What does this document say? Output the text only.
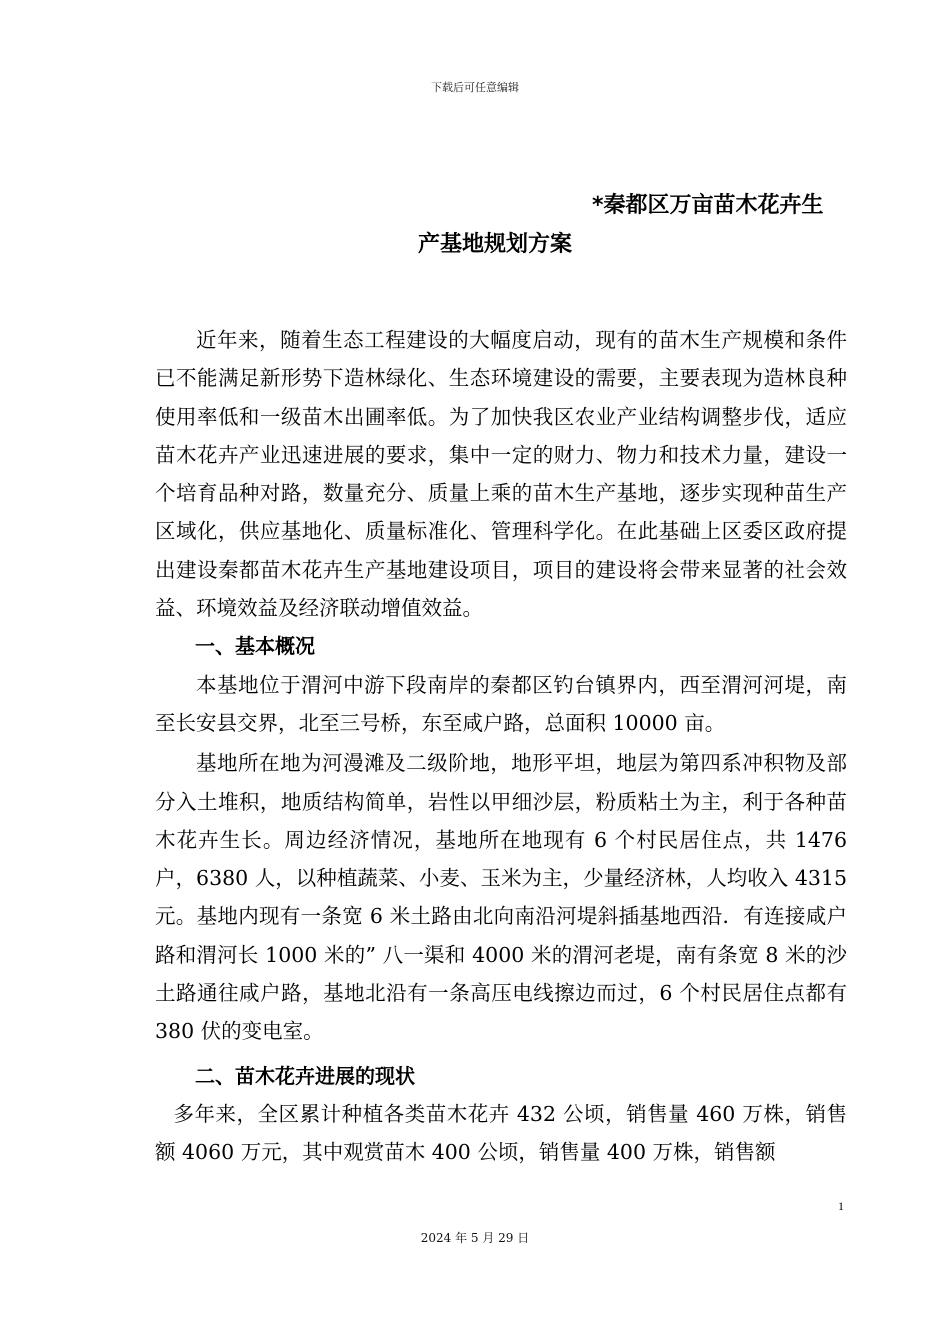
下载后可任意编辑
*秦都区万亩苗木花卉生
产基地规划方案

近年来，随着生态工程建设的大幅度启动，现有的苗木生产规模和条件已不能满足新形势下造林绿化、生态环境建设的需要，主要表现为造林良种使用率低和一级苗木出圃率低。为了加快我区农业产业结构调整步伐，适应苗木花卉产业迅速进展的要求，集中一定的财力、物力和技术力量，建设一个培育品种对路，数量充分、质量上乘的苗木生产基地，逐步实现种苗生产区域化，供应基地化、质量标准化、管理科学化。在此基础上区委区政府提出建设秦都苗木花卉生产基地建设项目，项目的建设将会带来显著的社会效益、环境效益及经济联动增值效益。

一、基本概况

本基地位于渭河中游下段南岸的秦都区钓台镇界内，西至渭河河堤，南至长安县交界，北至三号桥，东至咸户路，总面积 10000 亩。

基地所在地为河漫滩及二级阶地，地形平坦，地层为第四系冲积物及部分入土堆积，地质结构简单，岩性以甲细沙层，粉质粘土为主，利于各种苗木花卉生长。周边经济情况，基地所在地现有 6 个村民居住点，共 1476 户，6380 人，以种植蔬菜、小麦、玉米为主，少量经济林，人均收入 4315 元。基地内现有一条宽 6 米土路由北向南沿河堤斜插基地西沿．有连接咸户路和渭河长 1000 米的” 八一渠和 4000 米的渭河老堤，南有条宽 8 米的沙土路通往咸户路，基地北沿有一条高压电线擦边而过，6 个村民居住点都有 380 伏的变电室。

二、苗木花卉进展的现状

多年来，全区累计种植各类苗木花卉 432 公顷，销售量 460 万株，销售额 4060 万元，其中观赏苗木 400 公顷，销售量 400 万株，销售额

1
2024 年 5 月 29 日
